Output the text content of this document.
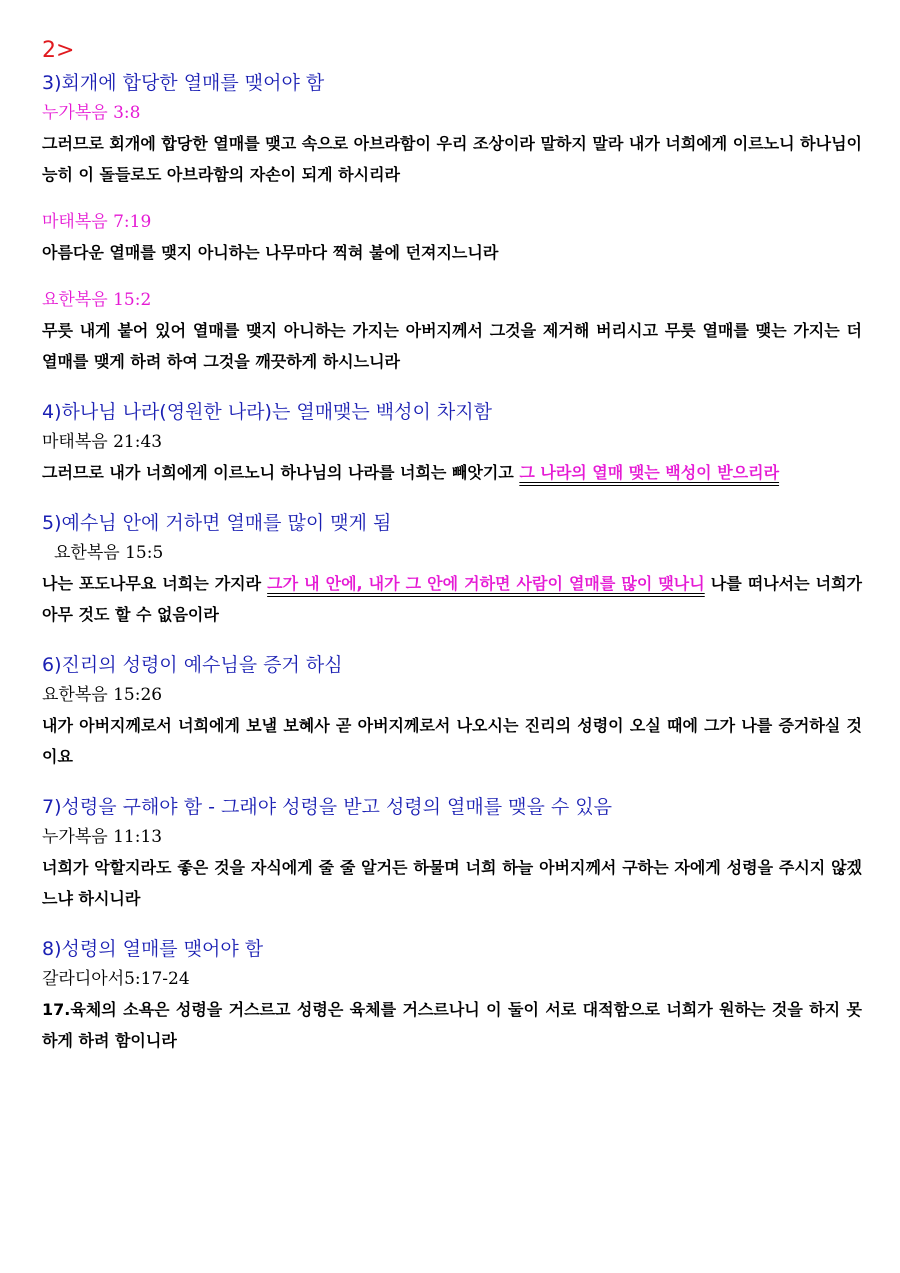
2>
3)회개에 합당한 열매를 맺어야 함
누가복음 3:8
그러므로 회개에 합당한 열매를 맺고 속으로 아브라함이 우리 조상이라 말하지 말라 내가 너희에게 이르노니 하나님이 능히 이 돌들로도 아브라함의 자손이 되게 하시리라
마태복음 7:19
아름다운 열매를 맺지 아니하는 나무마다 찍혀 불에 던져지느니라
요한복음 15:2
무릇 내게 붙어 있어 열매를 맺지 아니하는 가지는 아버지께서 그것을 제거해 버리시고 무릇 열매를 맺는 가지는 더 열매를 맺게 하려 하여 그것을 깨끗하게 하시느니라
4)하나님 나라(영원한 나라)는 열매맺는 백성이 차지함
마태복음 21:43
그러므로 내가 너희에게 이르노니 하나님의 나라를 너희는 빼앗기고 그 나라의 열매 맺는 백성이 받으리라
5)예수님 안에 거하면 열매를 많이 맺게 됨
요한복음 15:5
나는 포도나무요 너희는 가지라 그가 내 안에, 내가 그 안에 거하면 사람이 열매를 많이 맺나니 나를 떠나서는 너희가 아무 것도 할 수 없음이라
6)진리의 성령이 예수님을 증거 하심
요한복음 15:26
내가 아버지께로서 너희에게 보낼 보혜사 곧 아버지께로서 나오시는 진리의 성령이 오실 때에 그가 나를 증거하실 것이요
7)성령을 구해야 함 - 그래야 성령을 받고 성령의 열매를 맺을 수 있음
누가복음 11:13
너희가 악할지라도 좋은 것을 자식에게 줄 줄 알거든 하물며 너희 하늘 아버지께서 구하는 자에게 성령을 주시지 않겠느냐 하시니라
8)성령의 열매를 맺어야 함
갈라디아서5:17-24
17.육체의 소욕은 성령을 거스르고 성령은 육체를 거스르나니 이 둘이 서로 대적함으로 너희가 원하는 것을 하지 못하게 하려 함이니라
